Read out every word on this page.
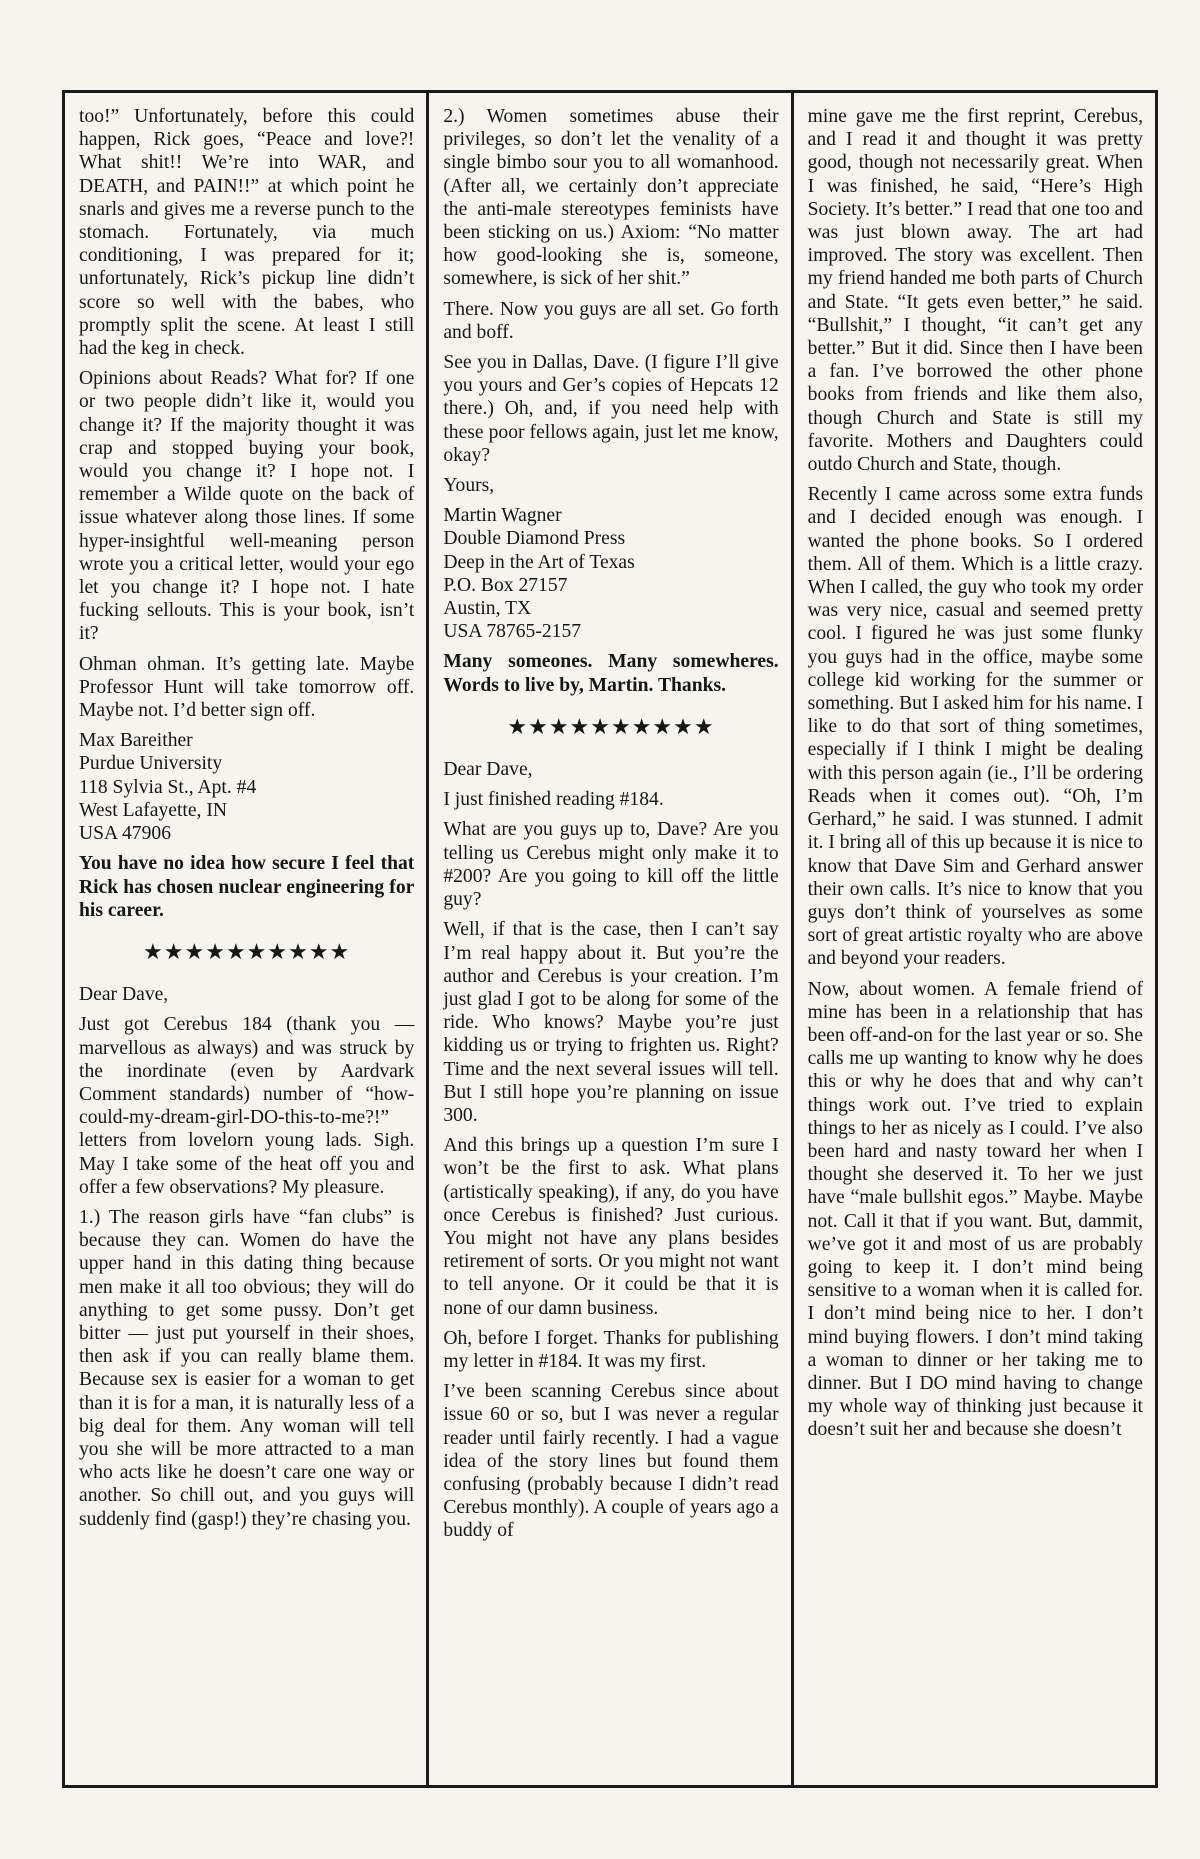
too!” Unfortunately, before this could happen, Rick goes, “Peace and love?! What shit!! We’re into WAR, and DEATH, and PAIN!!” at which point he snarls and gives me a reverse punch to the stomach. Fortunately, via much conditioning, I was prepared for it; unfortunately, Rick’s pickup line didn’t score so well with the babes, who promptly split the scene. At least I still had the keg in check.

Opinions about Reads? What for? If one or two people didn’t like it, would you change it? If the majority thought it was crap and stopped buying your book, would you change it? I hope not. I remember a Wilde quote on the back of issue whatever along those lines. If some hyper-insightful well-meaning person wrote you a critical letter, would your ego let you change it? I hope not. I hate fucking sellouts. This is your book, isn’t it?

Ohman ohman. It’s getting late. Maybe Professor Hunt will take tomorrow off. Maybe not. I’d better sign off.

Max Bareither
Purdue University
118 Sylvia St., Apt. #4
West Lafayette, IN
USA 47906

You have no idea how secure I feel that Rick has chosen nuclear engineering for his career.

★★★★★★★★★★

Dear Dave,

Just got Cerebus 184 (thank you — marvellous as always) and was struck by the inordinate (even by Aardvark Comment standards) number of “how-could-my-dream-girl-DO-this-to-me?!” letters from lovelorn young lads. Sigh. May I take some of the heat off you and offer a few observations? My pleasure.

1.) The reason girls have “fan clubs” is because they can. Women do have the upper hand in this dating thing because men make it all too obvious; they will do anything to get some pussy. Don’t get bitter — just put yourself in their shoes, then ask if you can really blame them. Because sex is easier for a woman to get than it is for a man, it is naturally less of a big deal for them. Any woman will tell you she will be more attracted to a man who acts like he doesn’t care one way or another. So chill out, and you guys will suddenly find (gasp!) they’re chasing you.

2.) Women sometimes abuse their privileges, so don’t let the venality of a single bimbo sour you to all womanhood. (After all, we certainly don’t appreciate the anti-male stereotypes feminists have been sticking on us.) Axiom: “No matter how good-looking she is, someone, somewhere, is sick of her shit.”

There. Now you guys are all set. Go forth and boff.

See you in Dallas, Dave. (I figure I’ll give you yours and Ger’s copies of Hepcats 12 there.) Oh, and, if you need help with these poor fellows again, just let me know, okay?

Yours,

Martin Wagner
Double Diamond Press
Deep in the Art of Texas
P.O. Box 27157
Austin, TX
USA 78765-2157

Many someones. Many somewheres. Words to live by, Martin. Thanks.

★★★★★★★★★★

Dear Dave,

I just finished reading #184.

What are you guys up to, Dave? Are you telling us Cerebus might only make it to #200? Are you going to kill off the little guy?

Well, if that is the case, then I can’t say I’m real happy about it. But you’re the author and Cerebus is your creation. I’m just glad I got to be along for some of the ride. Who knows? Maybe you’re just kidding us or trying to frighten us. Right? Time and the next several issues will tell. But I still hope you’re planning on issue 300.

And this brings up a question I’m sure I won’t be the first to ask. What plans (artistically speaking), if any, do you have once Cerebus is finished? Just curious. You might not have any plans besides retirement of sorts. Or you might not want to tell anyone. Or it could be that it is none of our damn business.

Oh, before I forget. Thanks for publishing my letter in #184. It was my first.

I’ve been scanning Cerebus since about issue 60 or so, but I was never a regular reader until fairly recently. I had a vague idea of the story lines but found them confusing (probably because I didn’t read Cerebus monthly). A couple of years ago a buddy of

mine gave me the first reprint, Cerebus, and I read it and thought it was pretty good, though not necessarily great. When I was finished, he said, “Here’s High Society. It’s better.” I read that one too and was just blown away. The art had improved. The story was excellent. Then my friend handed me both parts of Church and State. “It gets even better,” he said. “Bullshit,” I thought, “it can’t get any better.” But it did. Since then I have been a fan. I’ve borrowed the other phone books from friends and like them also, though Church and State is still my favorite. Mothers and Daughters could outdo Church and State, though.

Recently I came across some extra funds and I decided enough was enough. I wanted the phone books. So I ordered them. All of them. Which is a little crazy. When I called, the guy who took my order was very nice, casual and seemed pretty cool. I figured he was just some flunky you guys had in the office, maybe some college kid working for the summer or something. But I asked him for his name. I like to do that sort of thing sometimes, especially if I think I might be dealing with this person again (ie., I’ll be ordering Reads when it comes out). “Oh, I’m Gerhard,” he said. I was stunned. I admit it. I bring all of this up because it is nice to know that Dave Sim and Gerhard answer their own calls. It’s nice to know that you guys don’t think of yourselves as some sort of great artistic royalty who are above and beyond your readers.

Now, about women. A female friend of mine has been in a relationship that has been off-and-on for the last year or so. She calls me up wanting to know why he does this or why he does that and why can’t things work out. I’ve tried to explain things to her as nicely as I could. I’ve also been hard and nasty toward her when I thought she deserved it. To her we just have “male bullshit egos.” Maybe. Maybe not. Call it that if you want. But, dammit, we’ve got it and most of us are probably going to keep it. I don’t mind being sensitive to a woman when it is called for. I don’t mind being nice to her. I don’t mind buying flowers. I don’t mind taking a woman to dinner or her taking me to dinner. But I DO mind having to change my whole way of thinking just because it doesn’t suit her and because she doesn’t
